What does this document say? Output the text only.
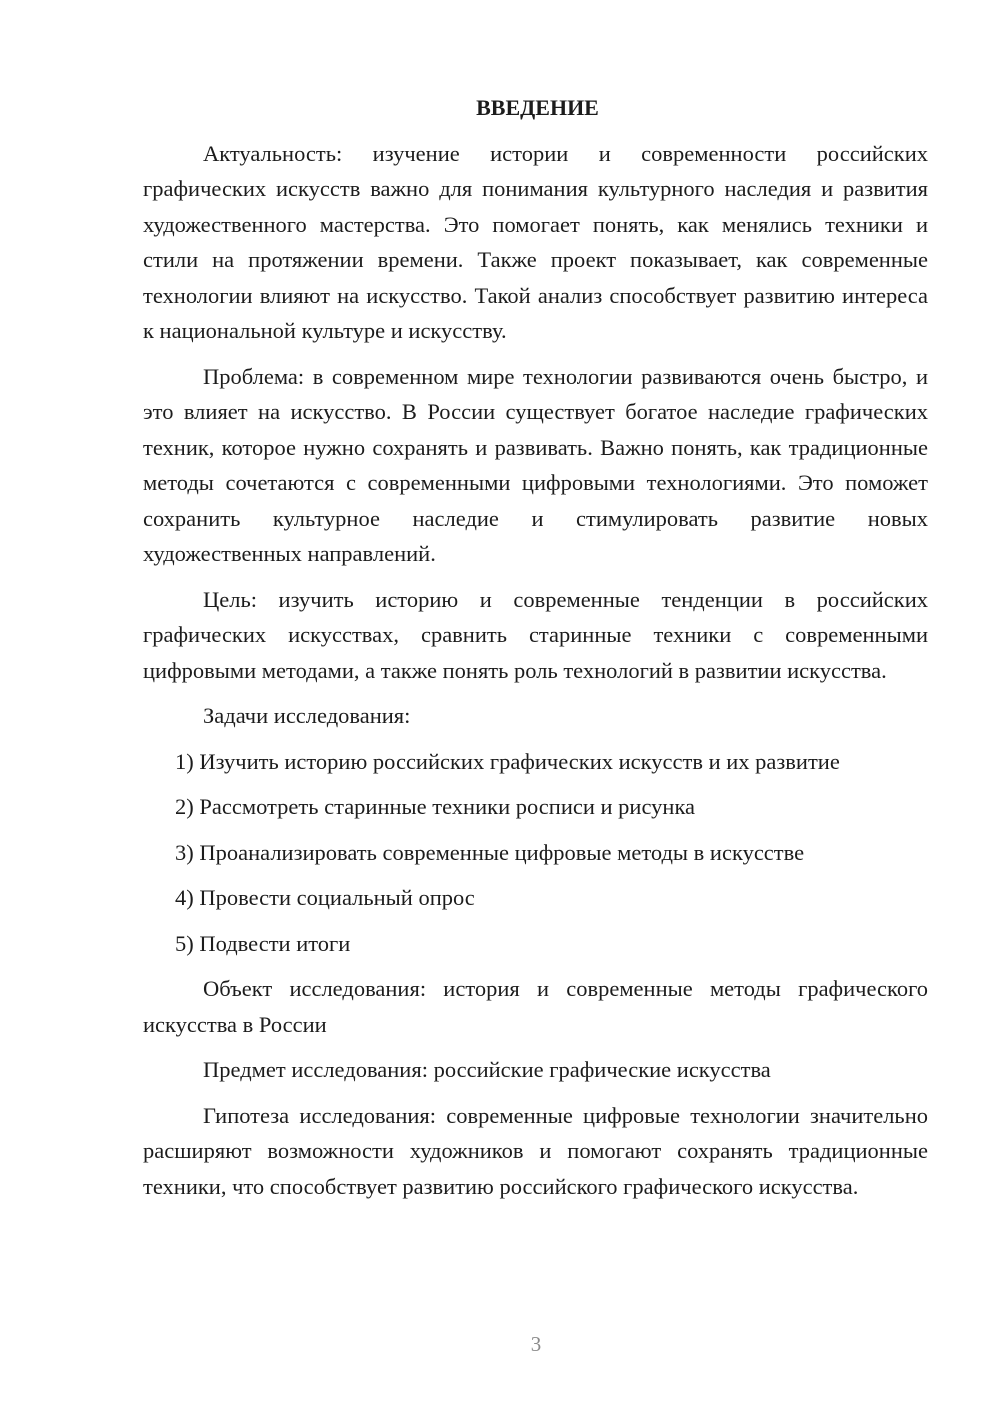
ВВЕДЕНИЕ

Актуальность: изучение истории и современности российских графических искусств важно для понимания культурного наследия и развития художественного мастерства. Это помогает понять, как менялись техники и стили на протяжении времени. Также проект показывает, как современные технологии влияют на искусство. Такой анализ способствует развитию интереса к национальной культуре и искусству.

Проблема: в современном мире технологии развиваются очень быстро, и это влияет на искусство. В России существует богатое наследие графических техник, которое нужно сохранять и развивать. Важно понять, как традиционные методы сочетаются с современными цифровыми технологиями. Это поможет сохранить культурное наследие и стимулировать развитие новых художественных направлений.

Цель: изучить историю и современные тенденции в российских графических искусствах, сравнить старинные техники с современными цифровыми методами, а также понять роль технологий в развитии искусства.

Задачи исследования:

1) Изучить историю российских графических искусств и их развитие
2) Рассмотреть старинные техники росписи и рисунка
3) Проанализировать современные цифровые методы в искусстве
4) Провести социальный опрос
5) Подвести итоги

Объект исследования: история и современные методы графического искусства в России

Предмет исследования: российские графические искусства

Гипотеза исследования: современные цифровые технологии значительно расширяют возможности художников и помогают сохранять традиционные техники, что способствует развитию российского графического искусства.

3
